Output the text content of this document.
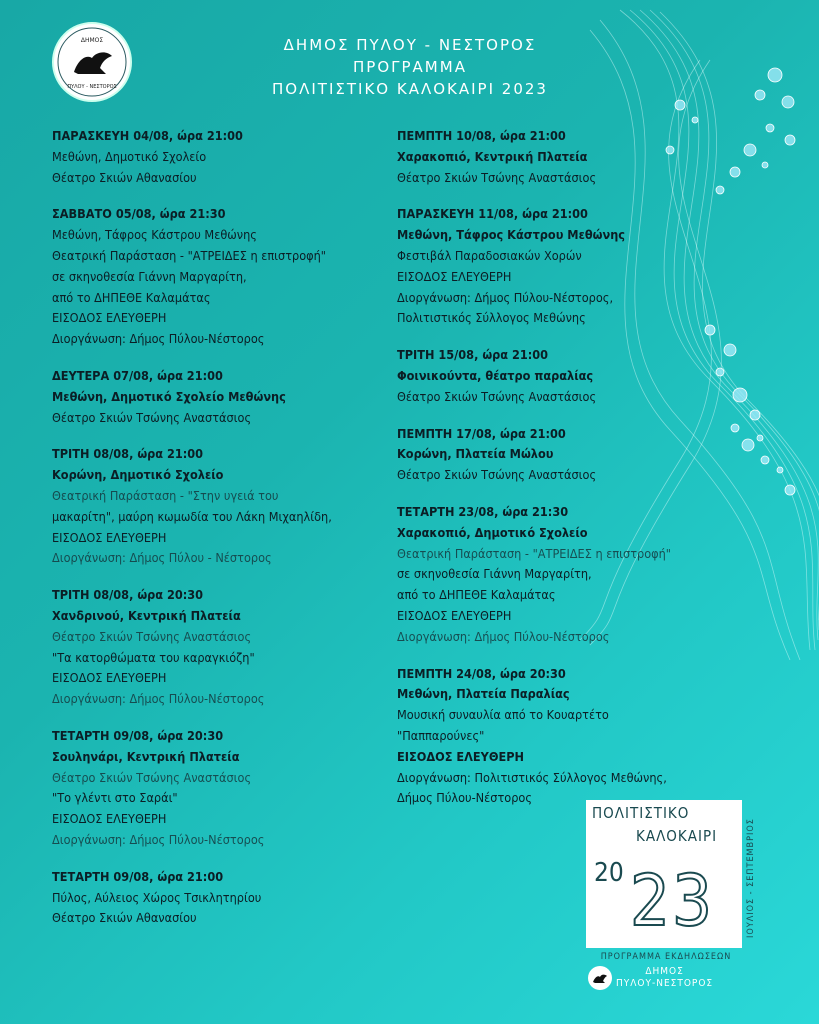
ΔΗΜΟΣ
ΠΥΛΟΥ - ΝΕΣΤΟΡΟΣ
ΔΗΜΟΣ ΠΥΛΟΥ - ΝΕΣΤΟΡΟΣ
ΠΡΟΓΡΑΜΜΑ
ΠΟΛΙΤΙΣΤΙΚΟ ΚΑΛΟΚΑΙΡΙ 2023
ΠΑΡΑΣΚΕΥΗ 04/08, ώρα 21:00
Μεθώνη, Δημοτικό Σχολείο
Θέατρο Σκιών Αθανασίου
ΣΑΒΒΑΤΟ 05/08, ώρα 21:30
Μεθώνη, Τάφρος Κάστρου Μεθώνης
Θεατρική Παράσταση - "ΑΤΡΕΙΔΕΣ η επιστροφή"
σε σκηνοθεσία Γιάννη Μαργαρίτη,
από το ΔΗΠΕΘΕ Καλαμάτας
ΕΙΣΟΔΟΣ ΕΛΕΥΘΕΡΗ
Διοργάνωση: Δήμος Πύλου-Νέστορος
ΔΕΥΤΕΡΑ 07/08, ώρα 21:00
Μεθώνη, Δημοτικό Σχολείο Μεθώνης
Θέατρο Σκιών Τσώνης Αναστάσιος
ΤΡΙΤΗ 08/08, ώρα 21:00
Κορώνη, Δημοτικό Σχολείο
Θεατρική Παράσταση - "Στην υγειά του
μακαρίτη", μαύρη κωμωδία του Λάκη Μιχαηλίδη,
ΕΙΣΟΔΟΣ ΕΛΕΥΘΕΡΗ
Διοργάνωση: Δήμος Πύλου - Νέστορος
ΤΡΙΤΗ 08/08, ώρα 20:30
Χανδρινού, Κεντρική Πλατεία
Θέατρο Σκιών Τσώνης Αναστάσιος
"Τα κατορθώματα του καραγκιόζη"
ΕΙΣΟΔΟΣ ΕΛΕΥΘΕΡΗ
Διοργάνωση: Δήμος Πύλου-Νέστορος
ΤΕΤΑΡΤΗ 09/08, ώρα 20:30
Σουληνάρι, Κεντρική Πλατεία
Θέατρο Σκιών Τσώνης Αναστάσιος
"Το γλέντι στο Σαράι"
ΕΙΣΟΔΟΣ ΕΛΕΥΘΕΡΗ
Διοργάνωση: Δήμος Πύλου-Νέστορος
ΤΕΤΑΡΤΗ 09/08, ώρα 21:00
Πύλος, Αύλειος Χώρος Τσικλητηρίου
Θέατρο Σκιών Αθανασίου
ΠΕΜΠΤΗ 10/08, ώρα 21:00
Χαρακοπιό, Κεντρική Πλατεία
Θέατρο Σκιών Τσώνης Αναστάσιος
ΠΑΡΑΣΚΕΥΗ 11/08, ώρα 21:00
Μεθώνη, Τάφρος Κάστρου Μεθώνης
Φεστιβάλ Παραδοσιακών Χορών
ΕΙΣΟΔΟΣ ΕΛΕΥΘΕΡΗ
Διοργάνωση: Δήμος Πύλου-Νέστορος,
Πολιτιστικός Σύλλογος Μεθώνης
ΤΡΙΤΗ 15/08, ώρα 21:00
Φοινικούντα, θέατρο παραλίας
Θέατρο Σκιών Τσώνης Αναστάσιος
ΠΕΜΠΤΗ 17/08, ώρα 21:00
Κορώνη, Πλατεία Μώλου
Θέατρο Σκιών Τσώνης Αναστάσιος
ΤΕΤΑΡΤΗ 23/08, ώρα 21:30
Χαρακοπιό, Δημοτικό Σχολείο
Θεατρική Παράσταση - "ΑΤΡΕΙΔΕΣ η επιστροφή"
σε σκηνοθεσία Γιάννη Μαργαρίτη,
από το ΔΗΠΕΘΕ Καλαμάτας
ΕΙΣΟΔΟΣ ΕΛΕΥΘΕΡΗ
Διοργάνωση: Δήμος Πύλου-Νέστορος
ΠΕΜΠΤΗ 24/08, ώρα 20:30
Μεθώνη, Πλατεία Παραλίας
Μουσική συναυλία από το Κουαρτέτο
"Παππαρούνες"
ΕΙΣΟΔΟΣ ΕΛΕΥΘΕΡΗ
Διοργάνωση: Πολιτιστικός Σύλλογος Μεθώνης,
Δήμος Πύλου-Νέστορος
ΠΟΛΙΤΙΣΤΙΚΟ
ΚΑΛΟΚΑΙΡΙ
20 23	ΙΟΥΛΙΟΣ - ΣΕΠΤΕΜΒΡΙΟΣ
ΠΡΟΓΡΑΜΜΑ ΕΚΔΗΛΩΣΕΩΝ
ΔΗΜΟΣ
ΠΥΛΟΥ-ΝΕΣΤΟΡΟΣ
